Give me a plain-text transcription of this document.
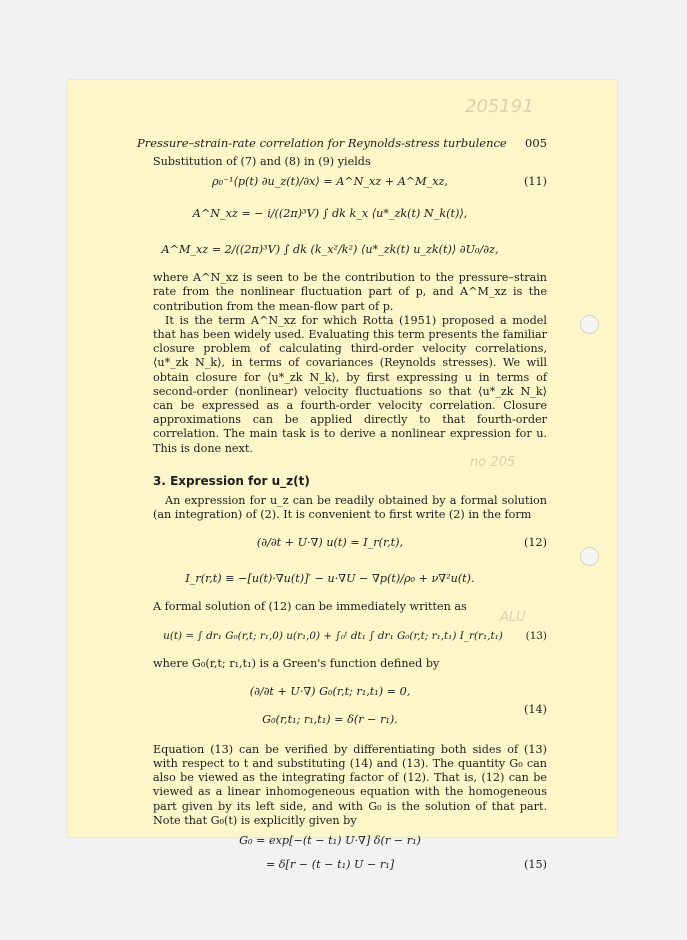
205191
no 205
ALU
Pressure–strain-rate correlation for Reynolds-stress turbulence 005

Substitution of (7) and (8) in (9) yields

ρ₀⁻¹⟨p(t) ∂u_z(t)/∂x⟩ = A^N_xz + A^M_xz,	(11)
A^N_xz = − i/((2π)³V) ∫ dk k_x ⟨u*_zk(t) N_k(t)⟩,
A^M_xz = 2/((2π)³V) ∫ dk (k_x²/k²) ⟨u*_zk(t) u_zk(t)⟩ ∂U₀/∂z,

where A^N_xz is seen to be the contribution to the pressure–strain rate from the nonlinear fluctuation part of p, and A^M_xz is the contribution from the mean-flow part of p.

It is the term A^N_xz for which Rotta (1951) proposed a model that has been widely used. Evaluating this term presents the familiar closure problem of calculating third-order velocity correlations, ⟨u*_zk N_k⟩, in terms of covariances (Reynolds stresses). We will obtain closure for ⟨u*_zk N_k⟩, by first expressing u in terms of second-order (nonlinear) velocity fluctuations so that ⟨u*_zk N_k⟩ can be expressed as a fourth-order velocity correlation. Closure approximations can be applied directly to that fourth-order correlation. The main task is to derive a nonlinear expression for u. This is done next.

3. Expression for u_z(t)

An expression for u_z can be readily obtained by a formal solution (an integration) of (2). It is convenient to first write (2) in the form

(∂/∂t + U·∇) u(t) = I_r(r,t),	(12)
I_r(r,t) ≡ −[u(t)·∇u(t)]′ − u·∇U − ∇p(t)/ρ₀ + ν∇²u(t).

A formal solution of (12) can be immediately written as

u(t) = ∫ dr₁ G₀(r,t; r₁,0) u(r₁,0) + ∫₀ᵗ dt₁ ∫ dr₁ G₀(r,t; r₁,t₁) I_r(r₁,t₁)	(13)

where G₀(r,t; r₁,t₁) is a Green's function defined by

(∂/∂t + U·∇) G₀(r,t; r₁,t₁) = 0,
G₀(r,t₁; r₁,t₁) = δ(r − r₁).
(14)

Equation (13) can be verified by differentiating both sides of (13) with respect to t and substituting (14) and (13). The quantity G₀ can also be viewed as the integrating factor of (12). That is, (12) can be viewed as a linear inhomogeneous equation with the homogeneous part given by its left side, and with G₀ is the solution of that part. Note that G₀(t) is explicitly given by

G₀ = exp[−(t − t₁) U·∇] δ(r − r₁)
= δ[r − (t − t₁) U − r₁]	(15)
